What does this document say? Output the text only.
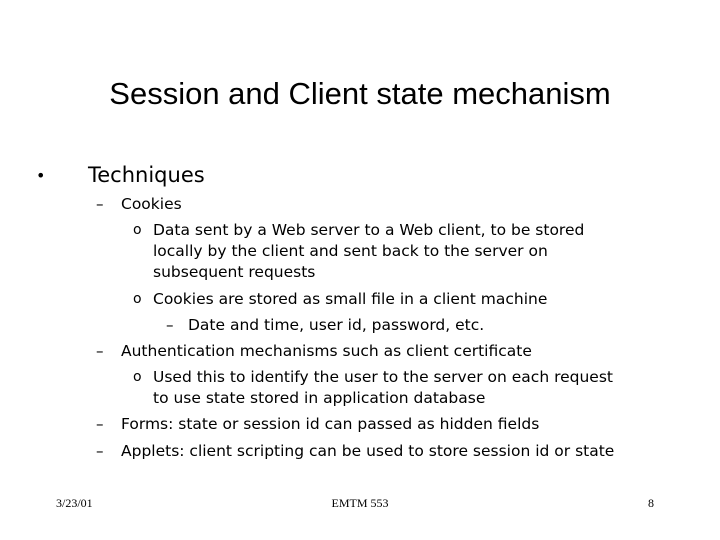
Session and Client state mechanism
• Techniques
– Cookies
o Data sent by a Web server to a Web client, to be stored
locally by the client and sent back to the server on
subsequent requests
o Cookies are stored as small file in a client machine
– Date and time, user id, password, etc.
– Authentication mechanisms such as client certificate
o Used this to identify the user to the server on each request
to use state stored in application database
– Forms: state or session id can passed as hidden fields
– Applets: client scripting can be used to store session id or state
3/23/01	EMTM 553	8
